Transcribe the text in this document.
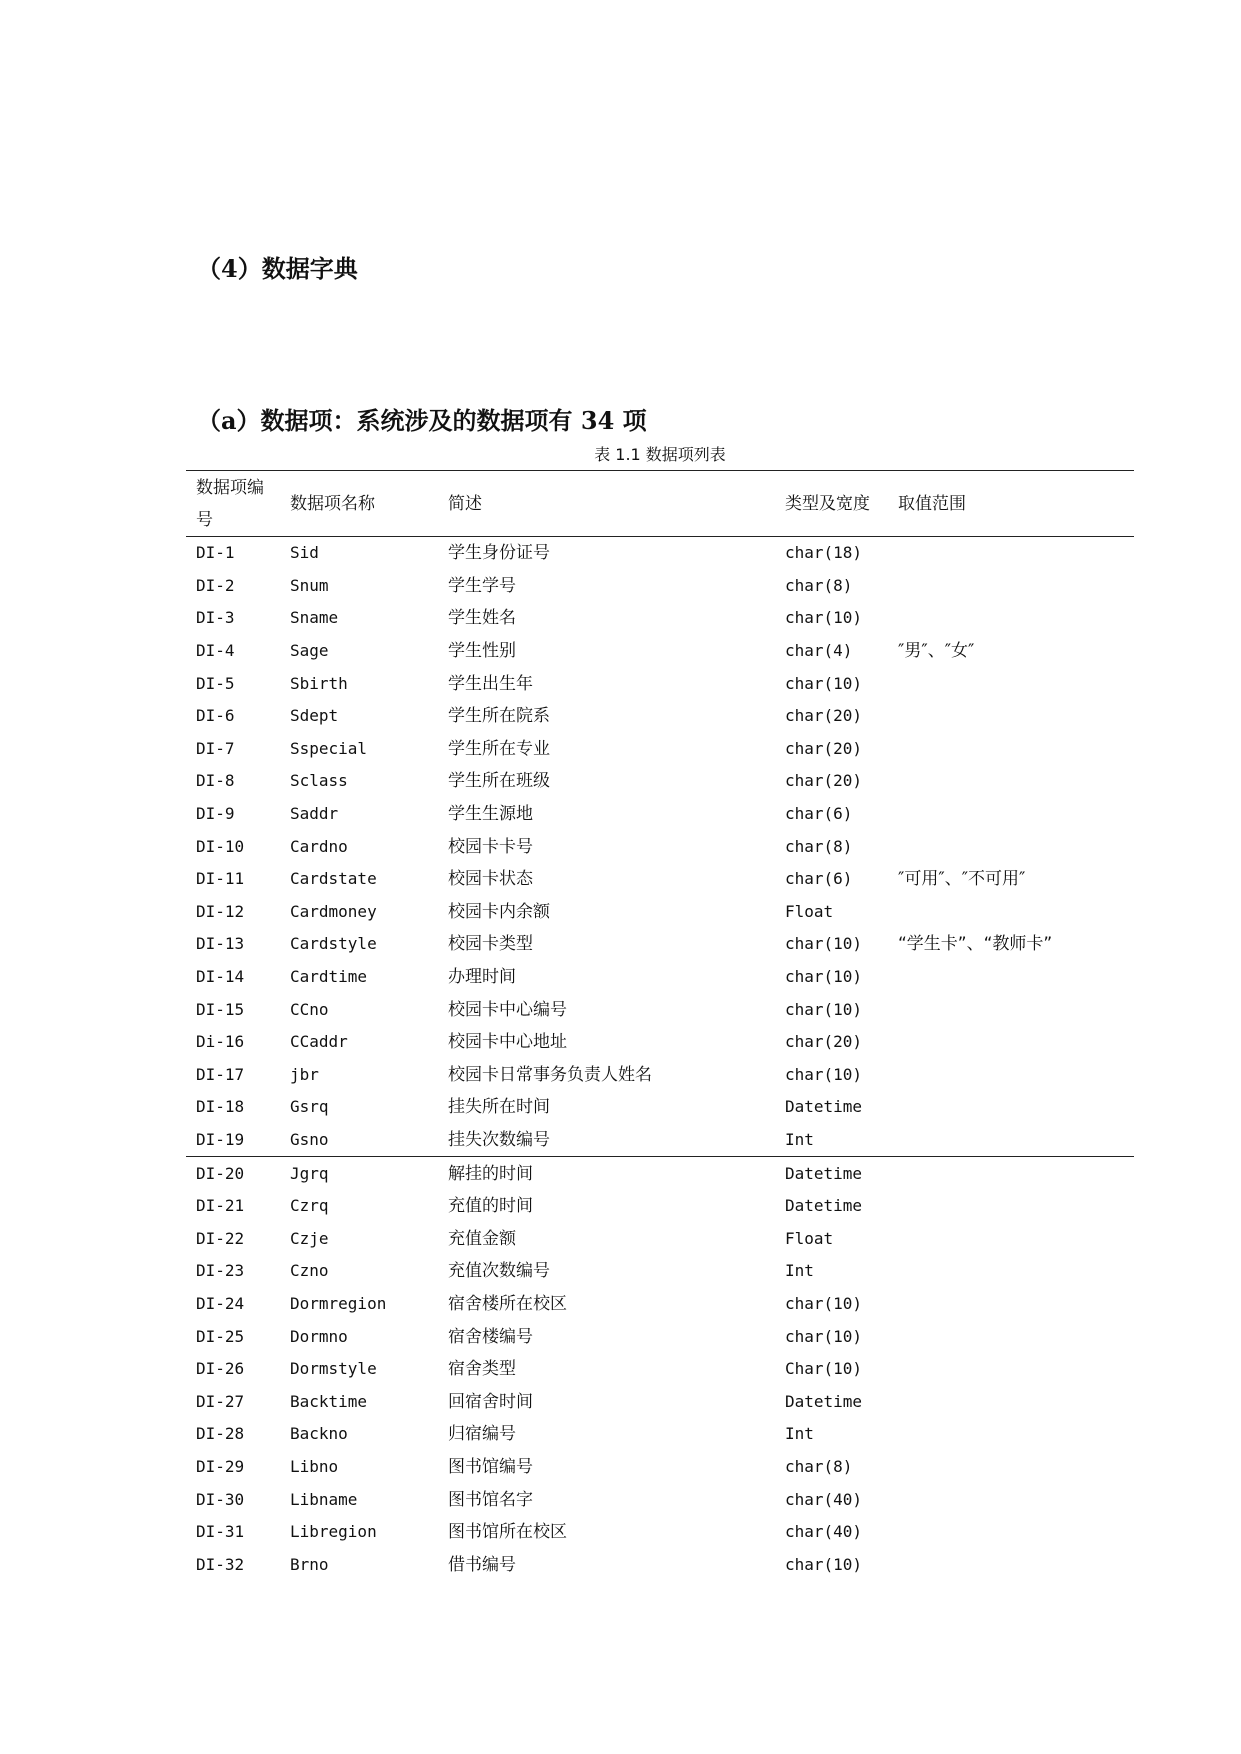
（4）数据字典
（a）数据项：系统涉及的数据项有 34 项
表 1.1 数据项列表
数据项编号	数据项名称	简述	类型及宽度	取值范围
DI-1	Sid	学生身份证号	char(18)	
DI-2	Snum	学生学号	char(8)	
DI-3	Sname	学生姓名	char(10)	
DI-4	Sage	学生性别	char(4)	″男″、″女″
DI-5	Sbirth	学生出生年	char(10)	
DI-6	Sdept	学生所在院系	char(20)	
DI-7	Sspecial	学生所在专业	char(20)	
DI-8	Sclass	学生所在班级	char(20)	
DI-9	Saddr	学生生源地	char(6)	
DI-10	Cardno	校园卡卡号	char(8)	
DI-11	Cardstate	校园卡状态	char(6)	″可用″、″不可用″
DI-12	Cardmoney	校园卡内余额	Float	
DI-13	Cardstyle	校园卡类型	char(10)	“学生卡”、“教师卡”
DI-14	Cardtime	办理时间	char(10)	
DI-15	CCno	校园卡中心编号	char(10)	
Di-16	CCaddr	校园卡中心地址	char(20)	
DI-17	jbr	校园卡日常事务负责人姓名	char(10)	
DI-18	Gsrq	挂失所在时间	Datetime	
DI-19	Gsno	挂失次数编号	Int	
DI-20	Jgrq	解挂的时间	Datetime	
DI-21	Czrq	充值的时间	Datetime	
DI-22	Czje	充值金额	Float	
DI-23	Czno	充值次数编号	Int	
DI-24	Dormregion	宿舍楼所在校区	char(10)	
DI-25	Dormno	宿舍楼编号	char(10)	
DI-26	Dormstyle	宿舍类型	Char(10)	
DI-27	Backtime	回宿舍时间	Datetime	
DI-28	Backno	归宿编号	Int	
DI-29	Libno	图书馆编号	char(8)	
DI-30	Libname	图书馆名字	char(40)	
DI-31	Libregion	图书馆所在校区	char(40)	
DI-32	Brno	借书编号	char(10)	
